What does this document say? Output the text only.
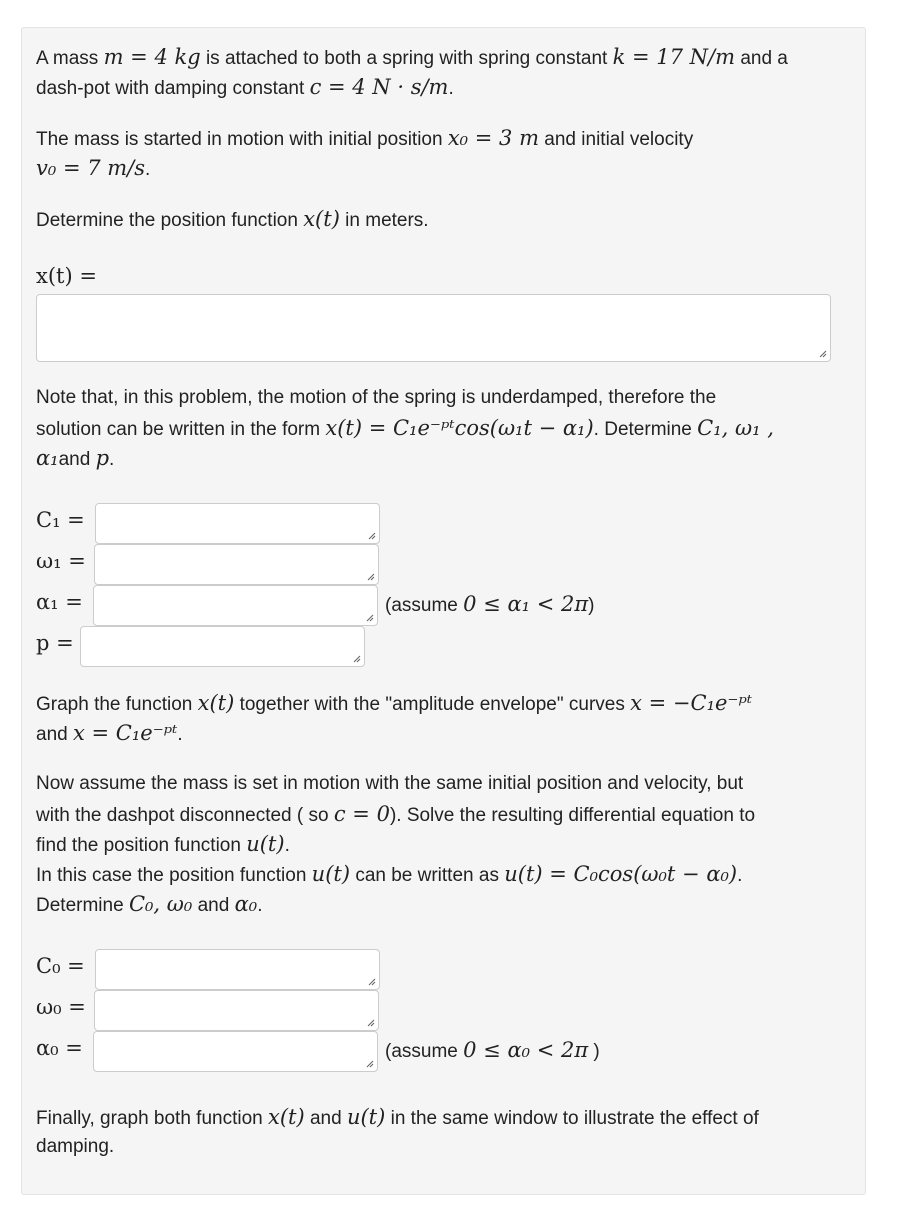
A mass m = 4 kg is attached to both a spring with spring constant k = 17 N/m and a
dash-pot with damping constant c = 4 N · s/m.
The mass is started in motion with initial position x₀ = 3 m and initial velocity
v₀ = 7 m/s.
Determine the position function x(t) in meters.
x(t) =
Note that, in this problem, the motion of the spring is underdamped, therefore the
solution can be written in the form x(t) = C₁e⁻ᵖᵗcos(ω₁t − α₁). Determine C₁, ω₁ ,
α₁and p.
C₁ =
ω₁ =
α₁ =	(assume 0 ≤ α₁ < 2π)
p =
Graph the function x(t) together with the "amplitude envelope" curves x = −C₁e⁻ᵖᵗ
and x = C₁e⁻ᵖᵗ.
Now assume the mass is set in motion with the same initial position and velocity, but
with the dashpot disconnected ( so c = 0). Solve the resulting differential equation to
find the position function u(t).
In this case the position function u(t) can be written as u(t) = C₀cos(ω₀t − α₀).
Determine C₀, ω₀ and α₀.
C₀ =
ω₀ =
α₀ =	(assume 0 ≤ α₀ < 2π )
Finally, graph both function x(t) and u(t) in the same window to illustrate the effect of
damping.
